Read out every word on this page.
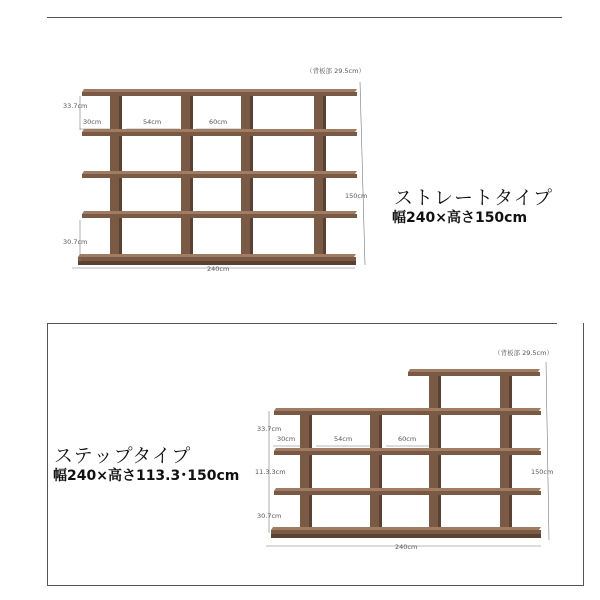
（背板部 29.5cm）
33.7cm
30cm	54cm	60cm
150cm
30.7cm
240cm
ストレートタイプ
幅240×高さ150cm
（背板部 29.5cm）
33.7cm
30cm	54cm	60cm
11.3.3cm	150cm
30.7cm
240cm
ステップタイプ
幅240×高さ113.3･150cm
